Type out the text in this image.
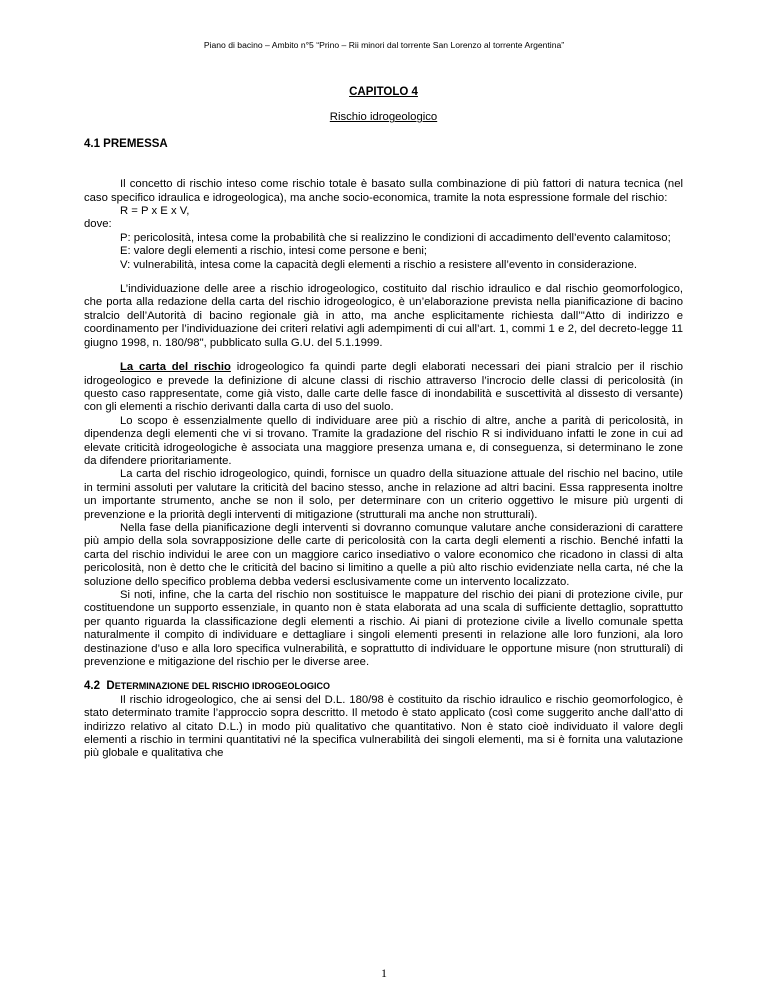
Piano di bacino – Ambito n°5 “Prino – Rii minori dal torrente San Lorenzo al torrente Argentina”
CAPITOLO 4
Rischio idrogeologico
4.1 PREMESSA

Il concetto di rischio inteso come rischio totale è basato sulla combinazione di più fattori di natura tecnica (nel caso specifico idraulica e idrogeologica), ma anche socio-economica, tramite la nota espressione formale del rischio:

R = P x E x V,

dove:

P: pericolosità, intesa come la probabilità che si realizzino le condizioni di accadimento dell’evento calamitoso;

E: valore degli elementi a rischio, intesi come persone e beni;

V: vulnerabilità, intesa come la capacità degli elementi a rischio a resistere all’evento in considerazione.

L’individuazione delle aree a rischio idrogeologico, costituito dal rischio idraulico e dal rischio geomorfologico, che porta alla redazione della carta del rischio idrogeologico, è un’elaborazione prevista nella pianificazione di bacino stralcio dell’Autorità di bacino regionale già in atto, ma anche esplicitamente richiesta dall’"Atto di indirizzo e coordinamento per l’individuazione dei criteri relativi agli adempimenti di cui all’art. 1, commi 1 e 2, del decreto-legge 11 giugno 1998, n. 180/98", pubblicato sulla G.U. del 5.1.1999.

La carta del rischio idrogeologico fa quindi parte degli elaborati necessari dei piani stralcio per il rischio idrogeologico e prevede la definizione di alcune classi di rischio attraverso l’incrocio delle classi di pericolosità (in questo caso rappresentate, come già visto, dalle carte delle fasce di inondabilità e suscettività al dissesto di versante) con gli elementi a rischio derivanti dalla carta di uso del suolo.

Lo scopo è essenzialmente quello di individuare aree più a rischio di altre, anche a parità di pericolosità, in dipendenza degli elementi che vi si trovano. Tramite la gradazione del rischio R si individuano infatti le zone in cui ad elevate criticità idrogeologiche è associata una maggiore presenza umana e, di conseguenza, si determinano le zone da difendere prioritariamente.

La carta del rischio idrogeologico, quindi, fornisce un quadro della situazione attuale del rischio nel bacino, utile in termini assoluti per valutare la criticità del bacino stesso, anche in relazione ad altri bacini. Essa rappresenta inoltre un importante strumento, anche se non il solo, per determinare con un criterio oggettivo le misure più urgenti di prevenzione e la priorità degli interventi di mitigazione (strutturali ma anche non strutturali).

Nella fase della pianificazione degli interventi si dovranno comunque valutare anche considerazioni di carattere più ampio della sola sovrapposizione delle carte di pericolosità con la carta degli elementi a rischio. Benché infatti la carta del rischio individui le aree con un maggiore carico insediativo o valore economico che ricadono in classi di alta pericolosità, non è detto che le criticità del bacino si limitino a quelle a più alto rischio evidenziate nella carta, né che la soluzione dello specifico problema debba vedersi esclusivamente come un intervento localizzato.

Si noti, infine, che la carta del rischio non sostituisce le mappature del rischio dei piani di protezione civile, pur costituendone un supporto essenziale, in quanto non è stata elaborata ad una scala di sufficiente dettaglio, soprattutto per quanto riguarda la classificazione degli elementi a rischio. Ai piani di protezione civile a livello comunale spetta naturalmente il compito di individuare e dettagliare i singoli elementi presenti in relazione alle loro funzioni, ala loro destinazione d’uso e alla loro specifica vulnerabilità, e soprattutto di individuare le opportune misure (non strutturali) di prevenzione e mitigazione del rischio per le diverse aree.

4.2 DETERMINAZIONE DEL RISCHIO IDROGEOLOGICO

Il rischio idrogeologico, che ai sensi del D.L. 180/98 è costituito da rischio idraulico e rischio geomorfologico, è stato determinato tramite l’approccio sopra descritto. Il metodo è stato applicato (così come suggerito anche dall’atto di indirizzo relativo al citato D.L.) in modo più qualitativo che quantitativo. Non è stato cioè individuato il valore degli elementi a rischio in termini quantitativi né la specifica vulnerabilità dei singoli elementi, ma si è fornita una valutazione più globale e qualitativa che

1
